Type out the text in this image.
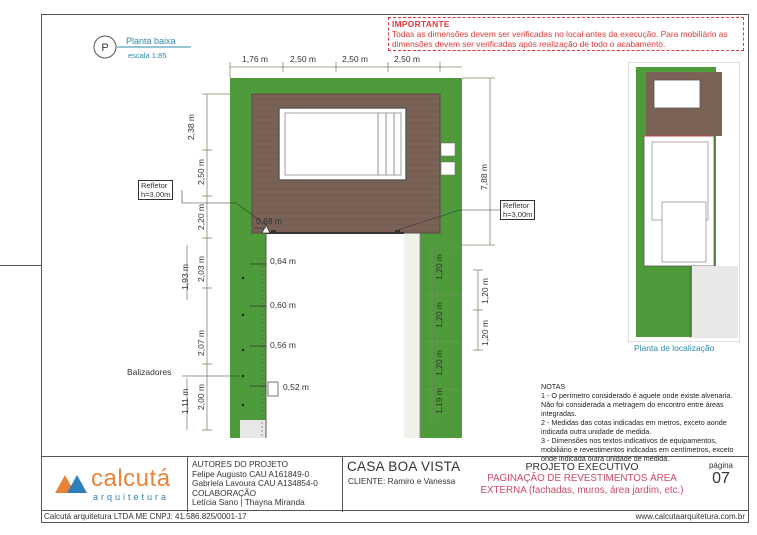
IMPORTANTE
Todas as dimensões devem ser verificadas no local antes da execução. Para mobiliário as dimensões devem ser verificadas após realização de todo o acabamento.
P
Planta baixa
escala 1:85	1,76 m	2,50 m	2,50 m	2,50 m
2,38 m
2,50 m
2,20 m
2,03 m
2,07 m
2,00 m
1,93 m
1,11 m
7,88 m
1,20 m
1,20 m
1,20 m
1,19 m
1,20 m
1,20 m
0,68 m
0,64 m
0,60 m
0,56 m
0,52 m
Refletor
h=3,00m
Refletor
h=3,00m
Balizadores
Planta de localização
NOTAS
1 - O perímetro considerado é aquele onde existe alvenaria. Não foi considerada a metragem do encontro entre áreas integradas.
2 - Medidas das cotas indicadas em metros, exceto aonde indicada outra unidade de medida.
3 - Dimensões nos textos indicativos de equipamentos, mobiliário e revestimentos indicadas em centímetros, exceto onde indicada outra unidade de medida.
calcutá
arquitetura
AUTORES DO PROJETO
Felipe Augusto CAU A161849-0
Gabriela Lavoura CAU A134854-0
COLABORAÇÃO
Letícia Sano | Thayna Miranda
CASA BOA VISTA
CLIENTE: Ramiro e Vanessa
PROJETO EXECUTIVO
PAGINAÇÃO DE REVESTIMENTOS ÁREA EXTERNA (fachadas, muros, área jardim, etc.)
página
07
Calcutá arquitetura LTDA ME CNPJ: 41.586.825/0001-17	www.calcutaarquitetura.com.br
